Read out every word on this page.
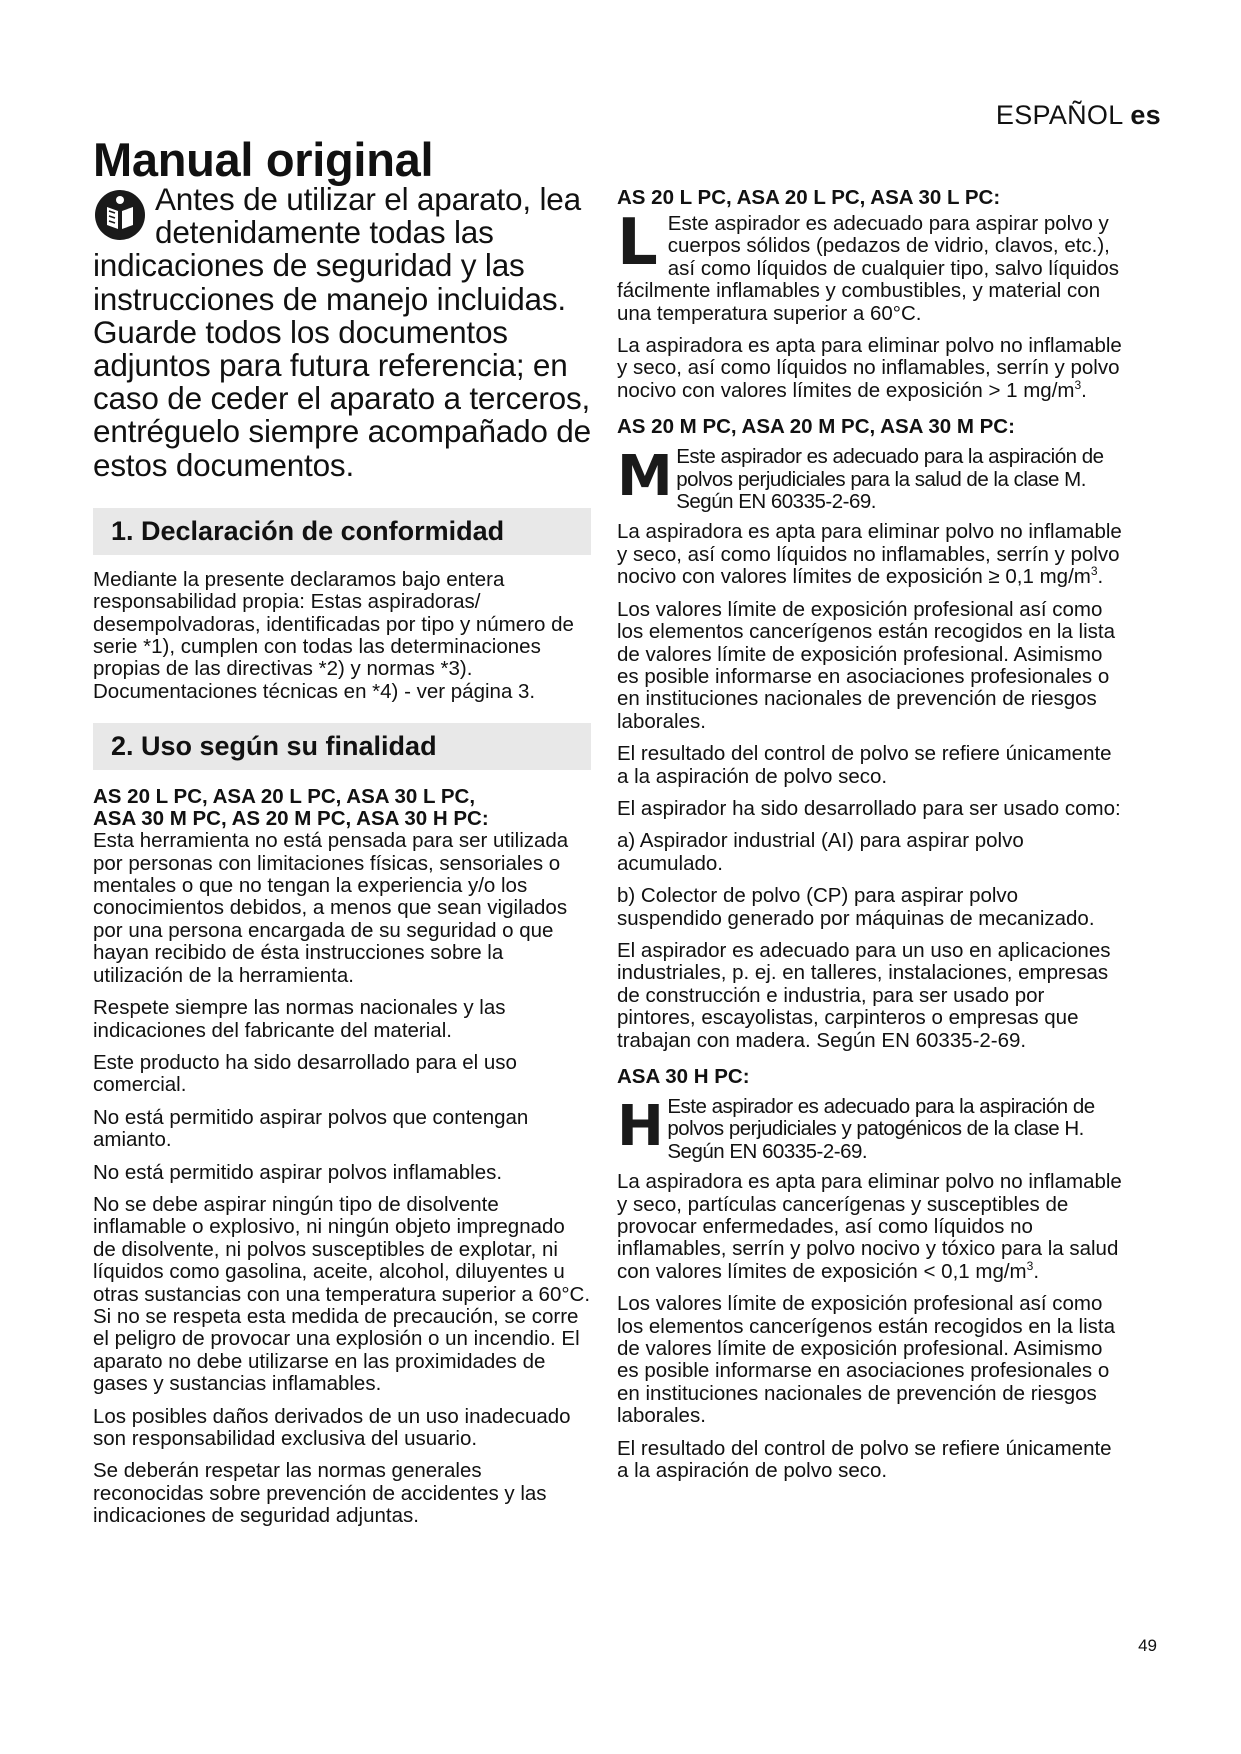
ESPAÑOL es
Manual original
Antes de utilizar el aparato, lea detenidamente todas las indicaciones de seguridad y las instrucciones de manejo incluidas. Guarde todos los documentos adjuntos para futura referencia; en caso de ceder el aparato a terceros, entréguelo siempre acompañado de estos documentos.
1. Declaración de conformidad

Mediante la presente declaramos bajo entera responsabilidad propia: Estas aspiradoras/ desempolvadoras, identificadas por tipo y número de serie *1), cumplen con todas las determinaciones propias de las directivas *2) y normas *3). Documentaciones técnicas en *4) - ver página 3.

2. Uso según su finalidad
AS 20 L PC, ASA 20 L PC, ASA 30 L PC,
ASA 30 M PC, AS 20 M PC, ASA 30 H PC:

Esta herramienta no está pensada para ser utilizada por personas con limitaciones físicas, sensoriales o mentales o que no tengan la experiencia y/o los conocimientos debidos, a menos que sean vigilados por una persona encargada de su seguridad o que hayan recibido de ésta instrucciones sobre la utilización de la herramienta.

Respete siempre las normas nacionales y las indicaciones del fabricante del material.

Este producto ha sido desarrollado para el uso comercial.

No está permitido aspirar polvos que contengan amianto.

No está permitido aspirar polvos inflamables.

No se debe aspirar ningún tipo de disolvente inflamable o explosivo, ni ningún objeto impregnado de disolvente, ni polvos susceptibles de explotar, ni líquidos como gasolina, aceite, alcohol, diluyentes u otras sustancias con una temperatura superior a 60°C. Si no se respeta esta medida de precaución, se corre el peligro de provocar una explosión o un incendio. El aparato no debe utilizarse en las proximidades de gases y sustancias inflamables.

Los posibles daños derivados de un uso inadecuado son responsabilidad exclusiva del usuario.

Se deberán respetar las normas generales reconocidas sobre prevención de accidentes y las indicaciones de seguridad adjuntas.

AS 20 L PC, ASA 20 L PC, ASA 30 L PC:
L Este aspirador es adecuado para aspirar polvo y cuerpos sólidos (pedazos de vidrio, clavos, etc.), así como líquidos de cualquier tipo, salvo líquidos fácilmente inflamables y combustibles, y material con una temperatura superior a 60°C.

La aspiradora es apta para eliminar polvo no inflamable y seco, así como líquidos no inflamables, serrín y polvo nocivo con valores límites de exposición > 1 $mg/m^3$.

AS 20 M PC, ASA 20 M PC, ASA 30 M PC:
M Este aspirador es adecuado para la aspiración de polvos perjudiciales para la salud de la clase M. Según EN 60335-2-69.

La aspiradora es apta para eliminar polvo no inflamable y seco, así como líquidos no inflamables, serrín y polvo nocivo con valores límites de exposición ≥ 0,1 $mg/m^3$.

Los valores límite de exposición profesional así como los elementos cancerígenos están recogidos en la lista de valores límite de exposición profesional. Asimismo es posible informarse en asociaciones profesionales o en instituciones nacionales de prevención de riesgos laborales.

El resultado del control de polvo se refiere únicamente a la aspiración de polvo seco.

El aspirador ha sido desarrollado para ser usado como:

a) Aspirador industrial (AI) para aspirar polvo acumulado.

b) Colector de polvo (CP) para aspirar polvo suspendido generado por máquinas de mecanizado.

El aspirador es adecuado para un uso en aplicaciones industriales, p. ej. en talleres, instalaciones, empresas de construcción e industria, para ser usado por pintores, escayolistas, carpinteros o empresas que trabajan con madera. Según EN 60335-2-69.

ASA 30 H PC:
H Este aspirador es adecuado para la aspiración de polvos perjudiciales y patogénicos de la clase H. Según EN 60335-2-69.

La aspiradora es apta para eliminar polvo no inflamable y seco, partículas cancerígenas y susceptibles de provocar enfermedades, así como líquidos no inflamables, serrín y polvo nocivo y tóxico para la salud con valores límites de exposición < 0,1 $mg/m^3$.

Los valores límite de exposición profesional así como los elementos cancerígenos están recogidos en la lista de valores límite de exposición profesional. Asimismo es posible informarse en asociaciones profesionales o en instituciones nacionales de prevención de riesgos laborales.

El resultado del control de polvo se refiere únicamente a la aspiración de polvo seco.

49
